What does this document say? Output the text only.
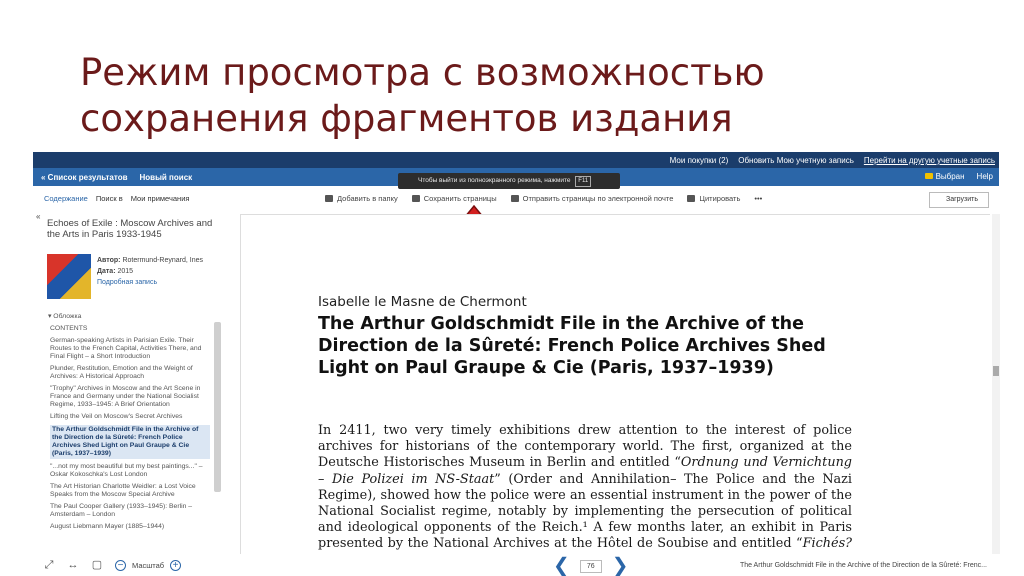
Режим просмотра с возможностью сохранения фрагментов издания
Мои покупки (2) Обновить Мою учетную запись Перейти на другую учетные запись
« Список результатов Новый поиск	Выбран Help
Чтобы выйти из полноэкранного режима, нажмите F11
Содержание Поиск в Мои примечания	Добавить в папку	Сохранить страницы	Отправить страницы по электронной почте	Цитировать •••	Загрузить
«
Echoes of Exile : Moscow Archives and the Arts in Paris 1933-1945
Автор: Rotermund-Reynard, Ines
Дата: 2015
Подробная запись
▾ Обложка
CONTENTS
German-speaking Artists in Parisian Exile. Their Routes to the French Capital, Activities There, and Final Flight – a Short Introduction
Plunder, Restitution, Emotion and the Weight of Archives: A Historical Approach
"Trophy" Archives in Moscow and the Art Scene in France and Germany under the National Socialist Regime, 1933–1945: A Brief Orientation
Lifting the Veil on Moscow's Secret Archives
The Arthur Goldschmidt File in the Archive of the Direction de la Sûreté: French Police Archives Shed Light on Paul Graupe & Cie (Paris, 1937–1939)
"...not my most beautiful but my best paintings..." – Oskar Kokoschka's Lost London
The Art Historian Charlotte Weidler: a Lost Voice Speaks from the Moscow Special Archive
The Paul Cooper Gallery (1933–1945): Berlin – Amsterdam – London
August Liebmann Mayer (1885–1944)
Isabelle le Masne de Chermont
The Arthur Goldschmidt File in the Archive of the Direction de la Sûreté: French Police Archives Shed Light on Paul Graupe & Cie (Paris, 1937–1939)
In 2411, two very timely exhibitions drew attention to the interest of police archives for historians of the contemporary world. The first, organized at the Deutsche Historisches Museum in Berlin and entitled “Ordnung und Vernichtung – Die Polizei im NS-Staat” (Order and Annihilation– The Police and the Nazi Regime), showed how the police were an essential instrument in the power of the National Socialist regime, notably by implementing the persecution of political and ideological opponents of the Reich.¹ A few months later, an exhibit in Paris presented by the National Archives at the Hôtel de Soubise and entitled “Fichés?
⤢ ↔ ▢ −	Масштаб +	❮	76 ❯	The Arthur Goldschmidt File in the Archive of the Direction de la Sûreté: Frenc...
